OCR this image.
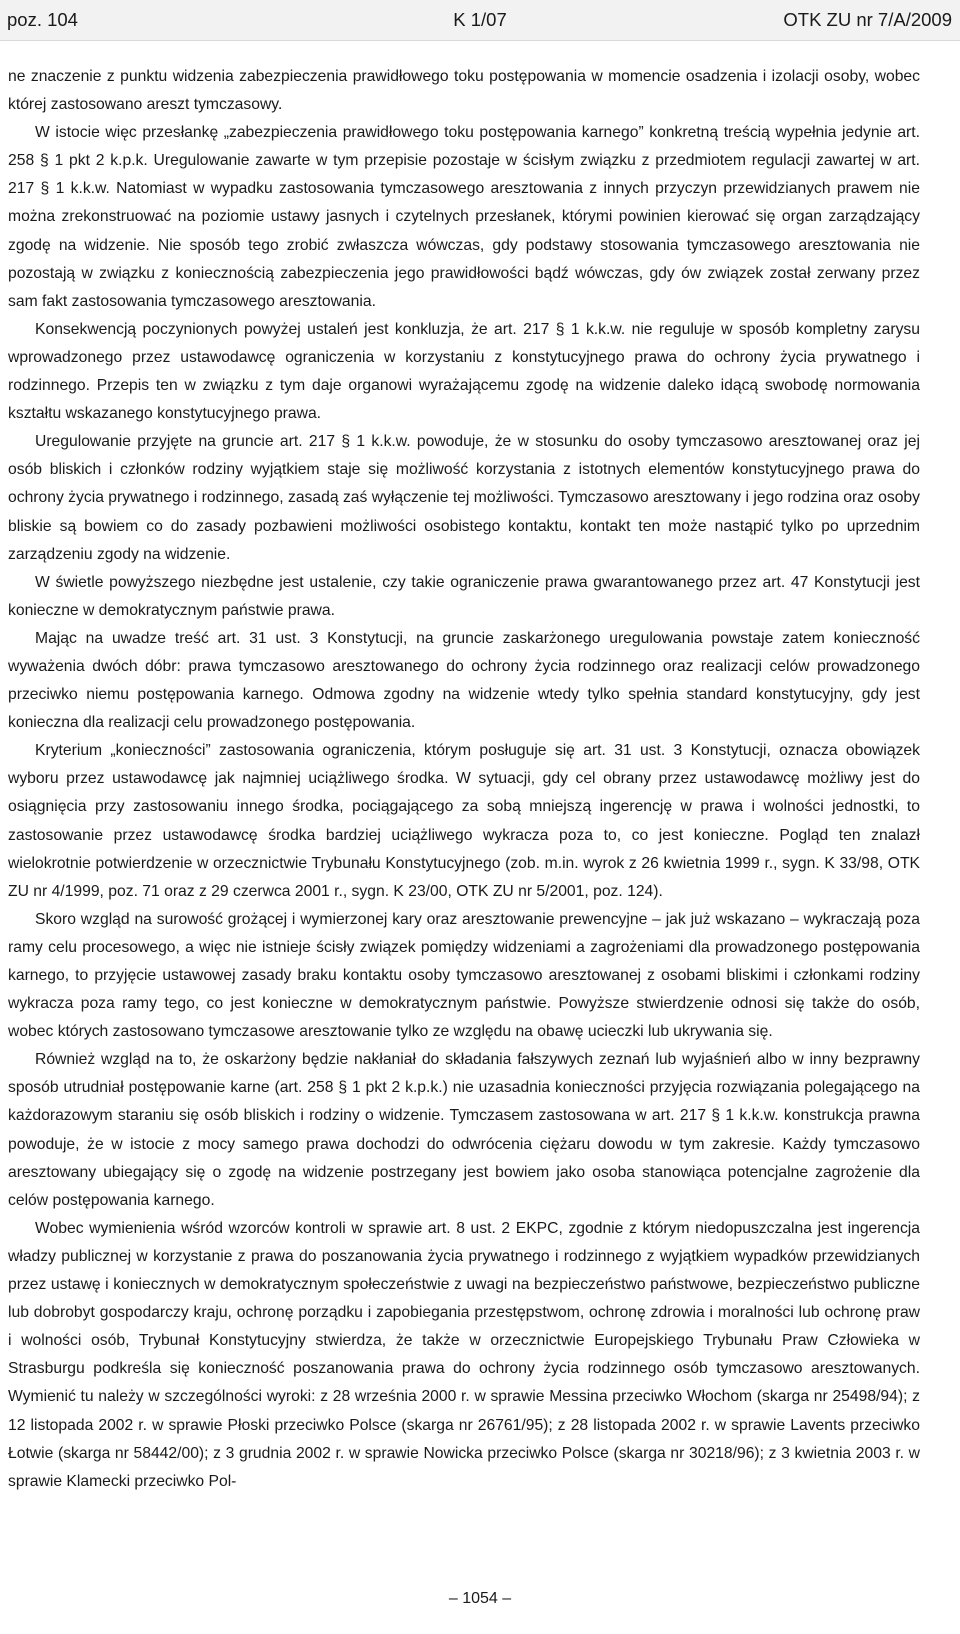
poz. 104	K 1/07	OTK ZU nr 7/A/2009

ne znaczenie z punktu widzenia zabezpieczenia prawidłowego toku postępowania w momencie osadzenia i izolacji osoby, wobec której zastosowano areszt tymczasowy.

W istocie więc przesłankę „zabezpieczenia prawidłowego toku postępowania karnego” konkretną treścią wypełnia jedynie art. 258 § 1 pkt 2 k.p.k. Uregulowanie zawarte w tym przepisie pozostaje w ścisłym związku z przedmiotem regulacji zawartej w art. 217 § 1 k.k.w. Natomiast w wypadku zastosowania tymczasowego aresztowania z innych przyczyn przewidzianych prawem nie można zrekonstruować na poziomie ustawy jasnych i czytelnych przesłanek, którymi powinien kierować się organ zarządzający zgodę na widzenie. Nie sposób tego zrobić zwłaszcza wówczas, gdy podstawy stosowania tymczasowego aresztowania nie pozostają w związku z koniecznością zabezpieczenia jego prawidłowości bądź wówczas, gdy ów związek został zerwany przez sam fakt zastosowania tymczasowego aresztowania.

Konsekwencją poczynionych powyżej ustaleń jest konkluzja, że art. 217 § 1 k.k.w. nie reguluje w sposób kompletny zarysu wprowadzonego przez ustawodawcę ograniczenia w korzystaniu z konstytucyjnego prawa do ochrony życia prywatnego i rodzinnego. Przepis ten w związku z tym daje organowi wyrażającemu zgodę na widzenie daleko idącą swobodę normowania kształtu wskazanego konstytucyjnego prawa.

Uregulowanie przyjęte na gruncie art. 217 § 1 k.k.w. powoduje, że w stosunku do osoby tymczasowo aresztowanej oraz jej osób bliskich i członków rodziny wyjątkiem staje się możliwość korzystania z istotnych elementów konstytucyjnego prawa do ochrony życia prywatnego i rodzinnego, zasadą zaś wyłączenie tej możliwości. Tymczasowo aresztowany i jego rodzina oraz osoby bliskie są bowiem co do zasady pozbawieni możliwości osobistego kontaktu, kontakt ten może nastąpić tylko po uprzednim zarządzeniu zgody na widzenie.

W świetle powyższego niezbędne jest ustalenie, czy takie ograniczenie prawa gwarantowanego przez art. 47 Konstytucji jest konieczne w demokratycznym państwie prawa.

Mając na uwadze treść art. 31 ust. 3 Konstytucji, na gruncie zaskarżonego uregulowania powstaje zatem konieczność wyważenia dwóch dóbr: prawa tymczasowo aresztowanego do ochrony życia rodzinnego oraz realizacji celów prowadzonego przeciwko niemu postępowania karnego. Odmowa zgodny na widzenie wtedy tylko spełnia standard konstytucyjny, gdy jest konieczna dla realizacji celu prowadzonego postępowania.

Kryterium „konieczności” zastosowania ograniczenia, którym posługuje się art. 31 ust. 3 Konstytucji, oznacza obowiązek wyboru przez ustawodawcę jak najmniej uciążliwego środka. W sytuacji, gdy cel obrany przez ustawodawcę możliwy jest do osiągnięcia przy zastosowaniu innego środka, pociągającego za sobą mniejszą ingerencję w prawa i wolności jednostki, to zastosowanie przez ustawodawcę środka bardziej uciążliwego wykracza poza to, co jest konieczne. Pogląd ten znalazł wielokrotnie potwierdzenie w orzecznictwie Trybunału Konstytucyjnego (zob. m.in. wyrok z 26 kwietnia 1999 r., sygn. K 33/98, OTK ZU nr 4/1999, poz. 71 oraz z 29 czerwca 2001 r., sygn. K 23/00, OTK ZU nr 5/2001, poz. 124).

Skoro wzgląd na surowość grożącej i wymierzonej kary oraz aresztowanie prewencyjne – jak już wskazano – wykraczają poza ramy celu procesowego, a więc nie istnieje ścisły związek pomiędzy widzeniami a zagrożeniami dla prowadzonego postępowania karnego, to przyjęcie ustawowej zasady braku kontaktu osoby tymczasowo aresztowanej z osobami bliskimi i członkami rodziny wykracza poza ramy tego, co jest konieczne w demokratycznym państwie. Powyższe stwierdzenie odnosi się także do osób, wobec których zastosowano tymczasowe aresztowanie tylko ze względu na obawę ucieczki lub ukrywania się.

Również wzgląd na to, że oskarżony będzie nakłaniał do składania fałszywych zeznań lub wyjaśnień albo w inny bezprawny sposób utrudniał postępowanie karne (art. 258 § 1 pkt 2 k.p.k.) nie uzasadnia konieczności przyjęcia rozwiązania polegającego na każdorazowym staraniu się osób bliskich i rodziny o widzenie. Tymczasem zastosowana w art. 217 § 1 k.k.w. konstrukcja prawna powoduje, że w istocie z mocy samego prawa dochodzi do odwrócenia ciężaru dowodu w tym zakresie. Każdy tymczasowo aresztowany ubiegający się o zgodę na widzenie postrzegany jest bowiem jako osoba stanowiąca potencjalne zagrożenie dla celów postępowania karnego.

Wobec wymienienia wśród wzorców kontroli w sprawie art. 8 ust. 2 EKPC, zgodnie z którym niedopuszczalna jest ingerencja władzy publicznej w korzystanie z prawa do poszanowania życia prywatnego i rodzinnego z wyjątkiem wypadków przewidzianych przez ustawę i koniecznych w demokratycznym społeczeństwie z uwagi na bezpieczeństwo państwowe, bezpieczeństwo publiczne lub dobrobyt gospodarczy kraju, ochronę porządku i zapobiegania przestępstwom, ochronę zdrowia i moralności lub ochronę praw i wolności osób, Trybunał Konstytucyjny stwierdza, że także w orzecznictwie Europejskiego Trybunału Praw Człowieka w Strasburgu podkreśla się konieczność poszanowania prawa do ochrony życia rodzinnego osób tymczasowo aresztowanych. Wymienić tu należy w szczególności wyroki: z 28 września 2000 r. w sprawie Messina przeciwko Włochom (skarga nr 25498/94); z 12 listopada 2002 r. w sprawie Płoski przeciwko Polsce (skarga nr 26761/95); z 28 listopada 2002 r. w sprawie Lavents przeciwko Łotwie (skarga nr 58442/00); z 3 grudnia 2002 r. w sprawie Nowicka przeciwko Polsce (skarga nr 30218/96); z 3 kwietnia 2003 r. w sprawie Klamecki przeciwko Pol-

– 1054 –
